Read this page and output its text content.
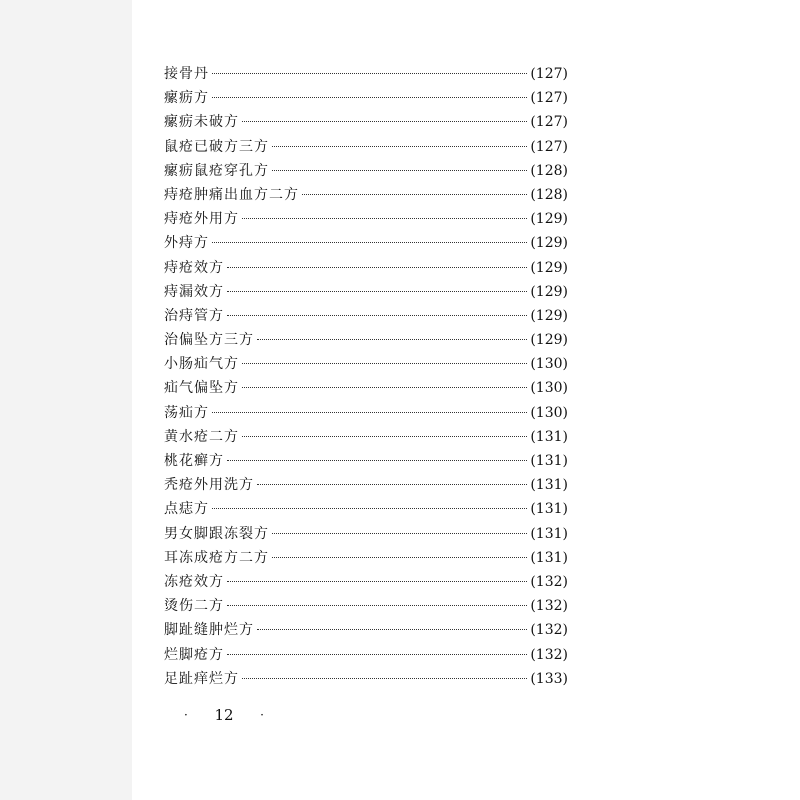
接骨丹	(127)
瘰疬方	(127)
瘰疬未破方	(127)
鼠疮已破方三方	(127)
瘰疬鼠疮穿孔方	(128)
痔疮肿痛出血方二方	(128)
痔疮外用方	(129)
外痔方	(129)
痔疮效方	(129)
痔漏效方	(129)
治痔管方	(129)
治偏坠方三方	(129)
小肠疝气方	(130)
疝气偏坠方	(130)
荡疝方	(130)
黄水疮二方	(131)
桃花癣方	(131)
秃疮外用洗方	(131)
点痣方	(131)
男女脚跟冻裂方	(131)
耳冻成疮方二方	(131)
冻疮效方	(132)
烫伤二方	(132)
脚趾缝肿烂方	(132)
烂脚疮方	(132)
足趾痒烂方	(133)
· 12 ·
